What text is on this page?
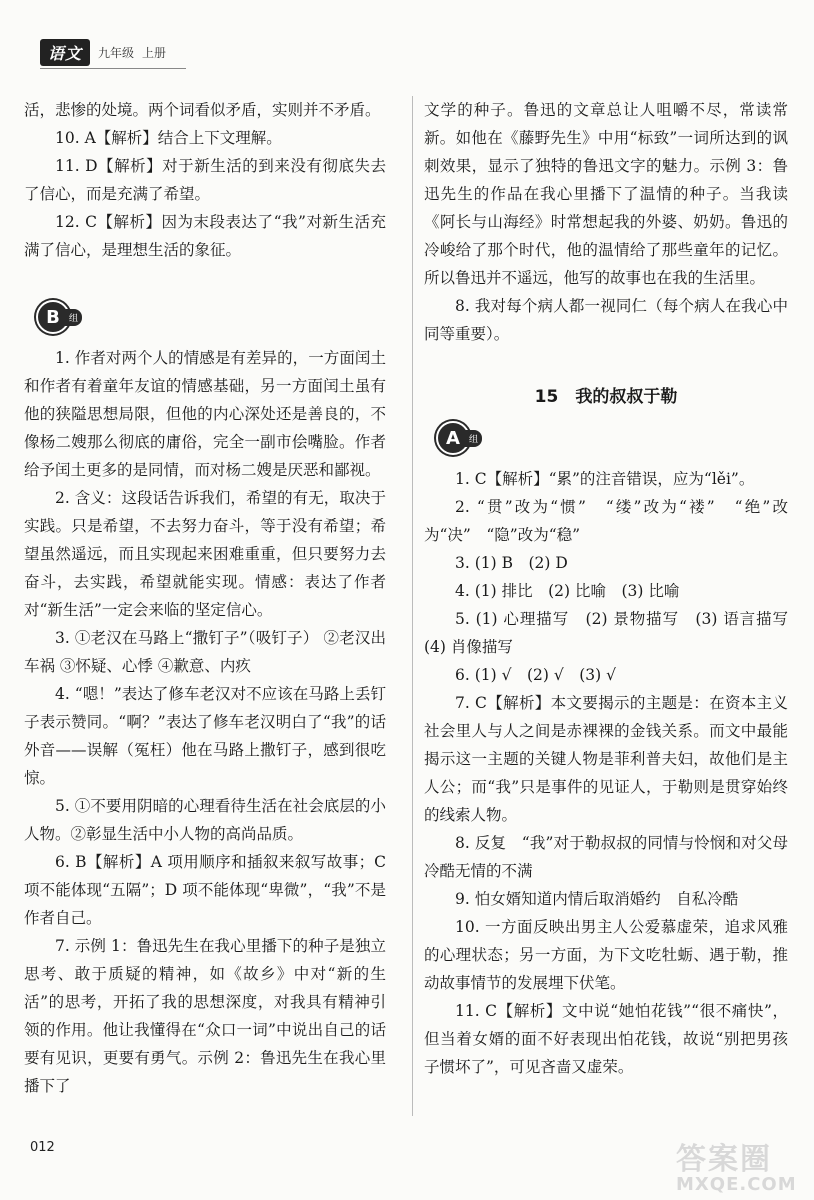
语文	九年级 上册

活，悲惨的处境。两个词看似矛盾，实则并不矛盾。

10. A【解析】结合上下文理解。

11. D【解析】对于新生活的到来没有彻底失去了信心，而是充满了希望。

12. C【解析】因为末段表达了“我”对新生活充满了信心，是理想生活的象征。

B	组

1. 作者对两个人的情感是有差异的，一方面闰土和作者有着童年友谊的情感基础，另一方面闰土虽有他的狭隘思想局限，但他的内心深处还是善良的，不像杨二嫂那么彻底的庸俗，完全一副市侩嘴脸。作者给予闰土更多的是同情，而对杨二嫂是厌恶和鄙视。

2. 含义：这段话告诉我们，希望的有无，取决于实践。只是希望，不去努力奋斗，等于没有希望；希望虽然遥远，而且实现起来困难重重，但只要努力去奋斗，去实践，希望就能实现。情感：表达了作者对“新生活”一定会来临的坚定信心。

3. ①老汉在马路上“撒钉子”（吸钉子） ②老汉出车祸 ③怀疑、心悸 ④歉意、内疚

4. “嗯！”表达了修车老汉对不应该在马路上丢钉子表示赞同。“啊？”表达了修车老汉明白了“我”的话外音——误解（冤枉）他在马路上撒钉子，感到很吃惊。

5. ①不要用阴暗的心理看待生活在社会底层的小人物。②彰显生活中小人物的高尚品质。

6. B【解析】A 项用顺序和插叙来叙写故事；C 项不能体现“五隔”；D 项不能体现“卑微”，“我”不是作者自己。

7. 示例 1：鲁迅先生在我心里播下的种子是独立思考、敢于质疑的精神，如《故乡》中对“新的生活”的思考，开拓了我的思想深度，对我具有精神引领的作用。他让我懂得在“众口一词”中说出自己的话要有见识，更要有勇气。示例 2：鲁迅先生在我心里播下了

文学的种子。鲁迅的文章总让人咀嚼不尽，常读常新。如他在《藤野先生》中用“标致”一词所达到的讽刺效果，显示了独特的鲁迅文字的魅力。示例 3：鲁迅先生的作品在我心里播下了温情的种子。当我读《阿长与山海经》时常想起我的外婆、奶奶。鲁迅的冷峻给了那个时代，他的温情给了那些童年的记忆。所以鲁迅并不遥远，他写的故事也在我的生活里。

8. 我对每个病人都一视同仁（每个病人在我心中同等重要）。

15　我的叔叔于勒
A	组

1. C【解析】“累”的注音错误，应为“lěi”。

2. “贯”改为“惯”　“缕”改为“褛”　“绝”改为“决”　“隐”改为“稳”

3. (1) B　(2) D

4. (1) 排比　(2) 比喻　(3) 比喻

5. (1) 心理描写　(2) 景物描写　(3) 语言描写　(4) 肖像描写

6. (1) √　(2) √　(3) √

7. C【解析】本文要揭示的主题是：在资本主义社会里人与人之间是赤裸裸的金钱关系。而文中最能揭示这一主题的关键人物是菲利普夫妇，故他们是主人公；而“我”只是事件的见证人，于勒则是贯穿始终的线索人物。

8. 反复　“我”对于勒叔叔的同情与怜悯和对父母冷酷无情的不满

9. 怕女婿知道内情后取消婚约　自私冷酷

10. 一方面反映出男主人公爱慕虚荣，追求风雅的心理状态；另一方面，为下文吃牡蛎、遇于勒，推动故事情节的发展埋下伏笔。

11. C【解析】文中说“她怕花钱”“很不痛快”，但当着女婿的面不好表现出怕花钱，故说“别把男孩子惯坏了”，可见吝啬又虚荣。

012	答案圈
MXQE.COM
